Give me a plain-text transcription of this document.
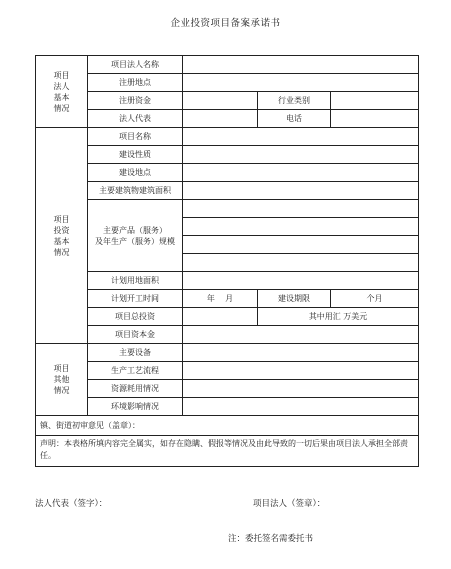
企业投资项目备案承诺书
项目
法人
基本
情况	项目法人名称			
	注册地点			
	注册资金		行业类别	
	法人代表		电话	
项目
投资
基本
情况	项目名称			
	建设性质			
	建设地点			
	主要建筑物建筑面积			
	主要产品（服务）
及年生产（服务）规模			

	计划用地面积			
	计划开工时间	年    月	建设期限	个月
	项目总投资		其中用汇 万美元	
	项目资本金			
项目
其他
情况	主要设备			
	生产工艺流程			
	资源耗用情况			
	环境影响情况			
镇、街道初审意见（盖章）：				
声明：本表格所填内容完全属实，如存在隐瞒、假报等情况及由此导致的一切后果由项目法人承担全部责任。				
法人代表（签字）：	项目法人（签章）：
注：委托签名需委托书
